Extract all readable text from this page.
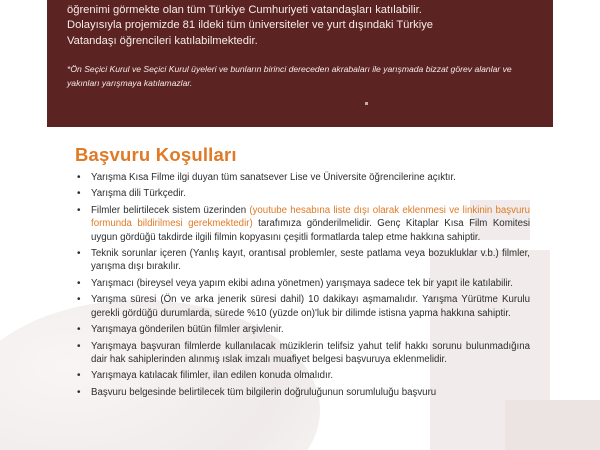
öğrenimi görmekte olan tüm Türkiye Cumhuriyeti vatandaşları katılabilir.
Dolayısıyla projemizde 81 ildeki tüm üniversiteler ve yurt dışındaki Türkiye
Vatandaşı öğrencileri katılabilmektedir.
*Ön Seçici Kurul ve Seçici Kurul üyeleri ve bunların birinci dereceden akrabaları ile yarışmada bizzat görev alanlar ve yakınları yarışmaya katılamazlar.
Başvuru Koşulları
• Yarışma Kısa Filme ilgi duyan tüm sanatsever Lise ve Üniversite öğrencilerine açıktır.
• Yarışma dili Türkçedir.
• Filmler belirtilecek sistem üzerinden (youtube hesabına liste dışı olarak eklenmesi ve linkinin başvuru formunda bildirilmesi gerekmektedir) tarafımıza gönderilmelidir. Genç Kitaplar Kısa Film Komitesi uygun gördüğü takdirde ilgili filmin kopyasını çeşitli formatlarda talep etme hakkına sahiptir.
• Teknik sorunlar içeren (Yanlış kayıt, orantısal problemler, seste patlama veya bozukluklar v.b.) filmler, yarışma dışı bırakılır.
• Yarışmacı (bireysel veya yapım ekibi adına yönetmen) yarışmaya sadece tek bir yapıt ile katılabilir.
• Yarışma süresi (Ön ve arka jenerik süresi dahil) 10 dakikayı aşmamalıdır. Yarışma Yürütme Kurulu gerekli gördüğü durumlarda, sürede %10 (yüzde on)'luk bir dilimde istisna yapma hakkına sahiptir.
• Yarışmaya gönderilen bütün filmler arşivlenir.
• Yarışmaya başvuran filmlerde kullanılacak müziklerin telifsiz yahut telif hakkı sorunu bulunmadığına dair hak sahiplerinden alınmış ıslak imzalı muafiyet belgesi başvuruya eklenmelidir.
• Yarışmaya katılacak filimler, ilan edilen konuda olmalıdır.
• Başvuru belgesinde belirtilecek tüm bilgilerin doğruluğunun sorumluluğu başvuru
